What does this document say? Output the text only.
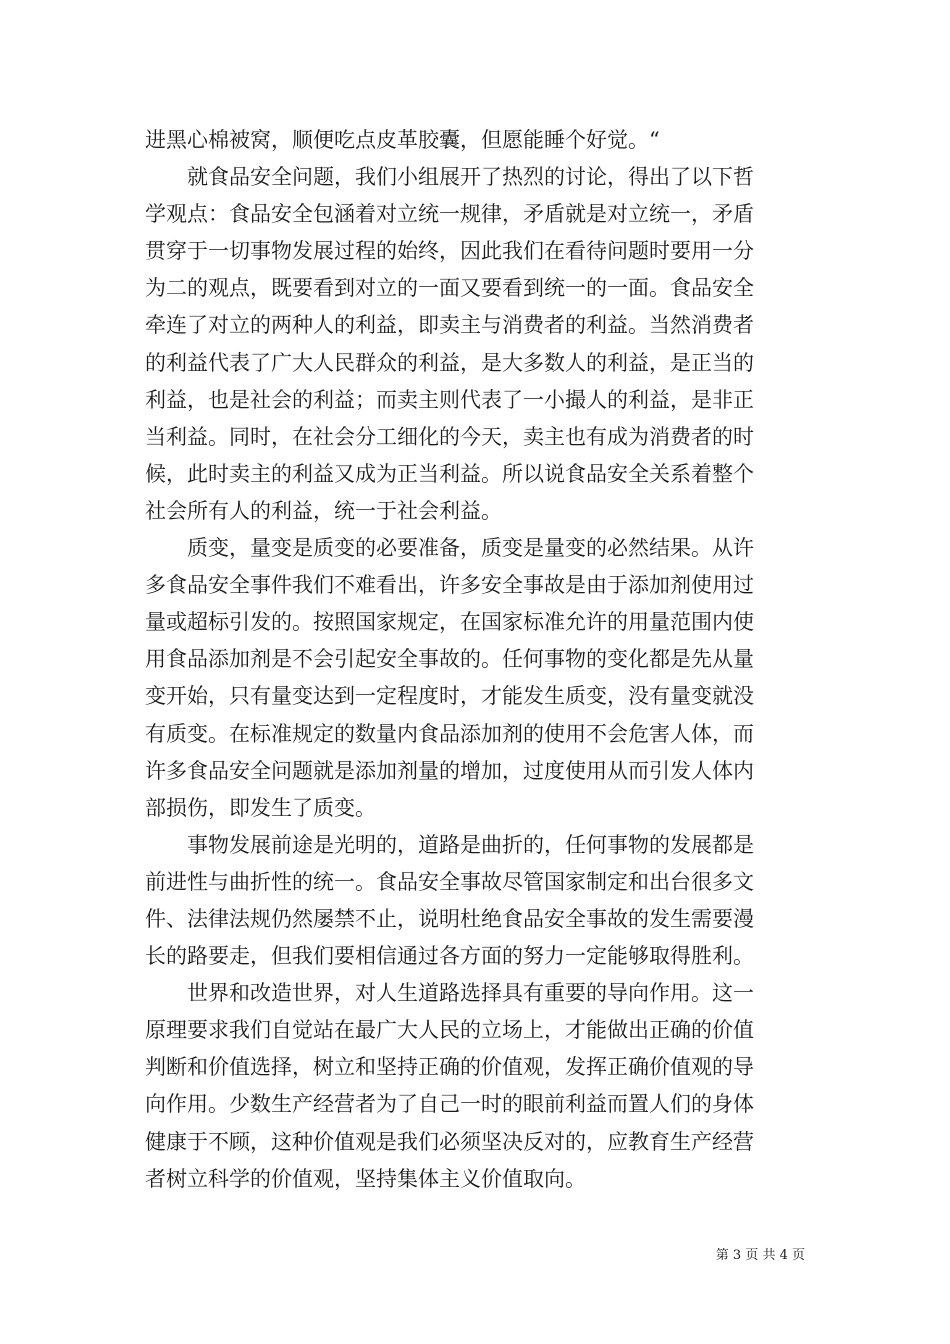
进黑心棉被窝，顺便吃点皮革胶囊，但愿能睡个好觉。“
就食品安全问题，我们小组展开了热烈的讨论，得出了以下哲
学观点：食品安全包涵着对立统一规律，矛盾就是对立统一，矛盾
贯穿于一切事物发展过程的始终，因此我们在看待问题时要用一分
为二的观点，既要看到对立的一面又要看到统一的一面。食品安全
牵连了对立的两种人的利益，即卖主与消费者的利益。当然消费者
的利益代表了广大人民群众的利益，是大多数人的利益，是正当的
利益，也是社会的利益；而卖主则代表了一小撮人的利益，是非正
当利益。同时，在社会分工细化的今天，卖主也有成为消费者的时
候，此时卖主的利益又成为正当利益。所以说食品安全关系着整个
社会所有人的利益，统一于社会利益。
质变，量变是质变的必要准备，质变是量变的必然结果。从许
多食品安全事件我们不难看出，许多安全事故是由于添加剂使用过
量或超标引发的。按照国家规定，在国家标准允许的用量范围内使
用食品添加剂是不会引起安全事故的。任何事物的变化都是先从量
变开始，只有量变达到一定程度时，才能发生质变，没有量变就没
有质变。在标准规定的数量内食品添加剂的使用不会危害人体，而
许多食品安全问题就是添加剂量的增加，过度使用从而引发人体内
部损伤，即发生了质变。
事物发展前途是光明的，道路是曲折的，任何事物的发展都是
前进性与曲折性的统一。食品安全事故尽管国家制定和出台很多文
件、法律法规仍然屡禁不止，说明杜绝食品安全事故的发生需要漫
长的路要走，但我们要相信通过各方面的努力一定能够取得胜利。
世界和改造世界，对人生道路选择具有重要的导向作用。这一
原理要求我们自觉站在最广大人民的立场上，才能做出正确的价值
判断和价值选择，树立和坚持正确的价值观，发挥正确价值观的导
向作用。少数生产经营者为了自己一时的眼前利益而置人们的身体
健康于不顾，这种价值观是我们必须坚决反对的，应教育生产经营
者树立科学的价值观，坚持集体主义价值取向。
第 3 页 共 4 页
